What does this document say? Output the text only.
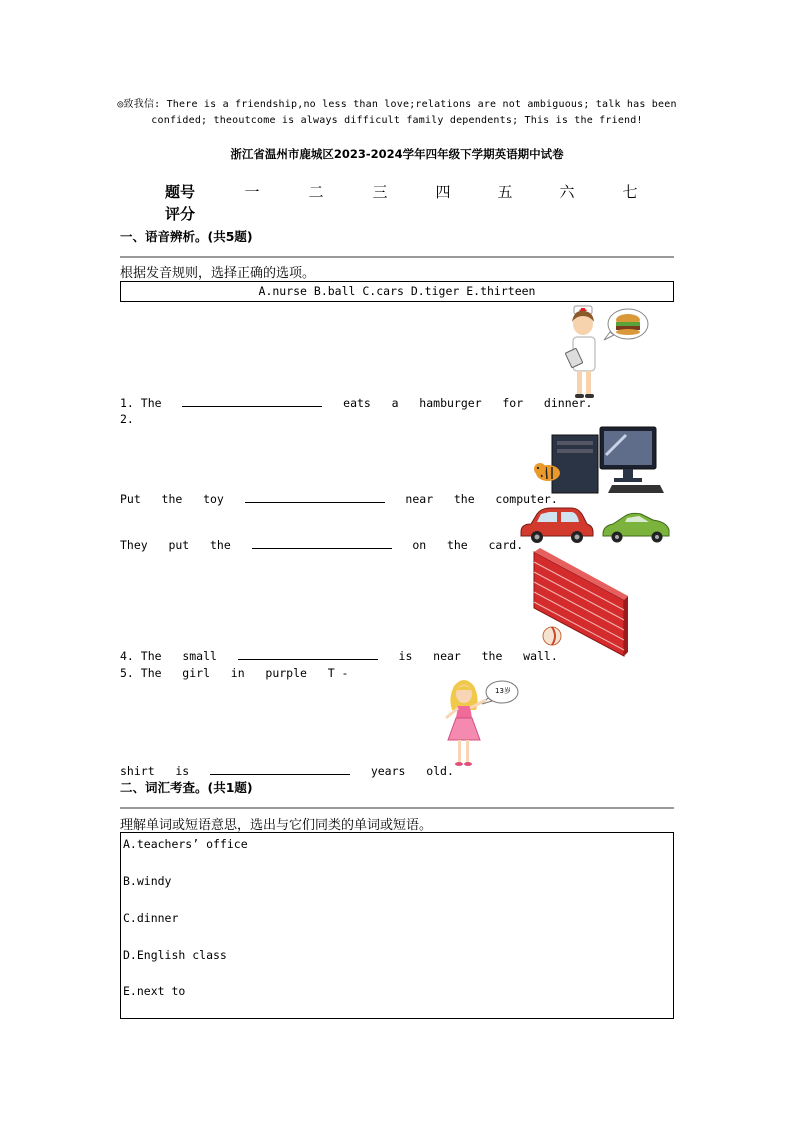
◎致我信: There is a friendship,no less than love;relations are not ambiguous; talk has been
confided; theoutcome is always difficult family dependents; This is the friend!
浙江省温州市鹿城区2023-2024学年四年级下学期英语期中试卷
题号	一	二	三	四	五	六	七
评分
一、语音辨析。(共5题)
根据发音规则，选择正确的选项。
A.nurse B.ball C.cars D.tiger E.thirteen
1. The	eats   a   hamburger   for   dinner.
2.
Put   the   toy	near   the   computer.
They   put   the	on   the   card.
4. The   small	is   near   the   wall.
5. The   girl   in   purple   T -
13岁
shirt   is	years   old.
二、词汇考查。(共1题)
理解单词或短语意思，选出与它们同类的单词或短语。
A.teachers’ office
B.windy
C.dinner
D.English class
E.next to
